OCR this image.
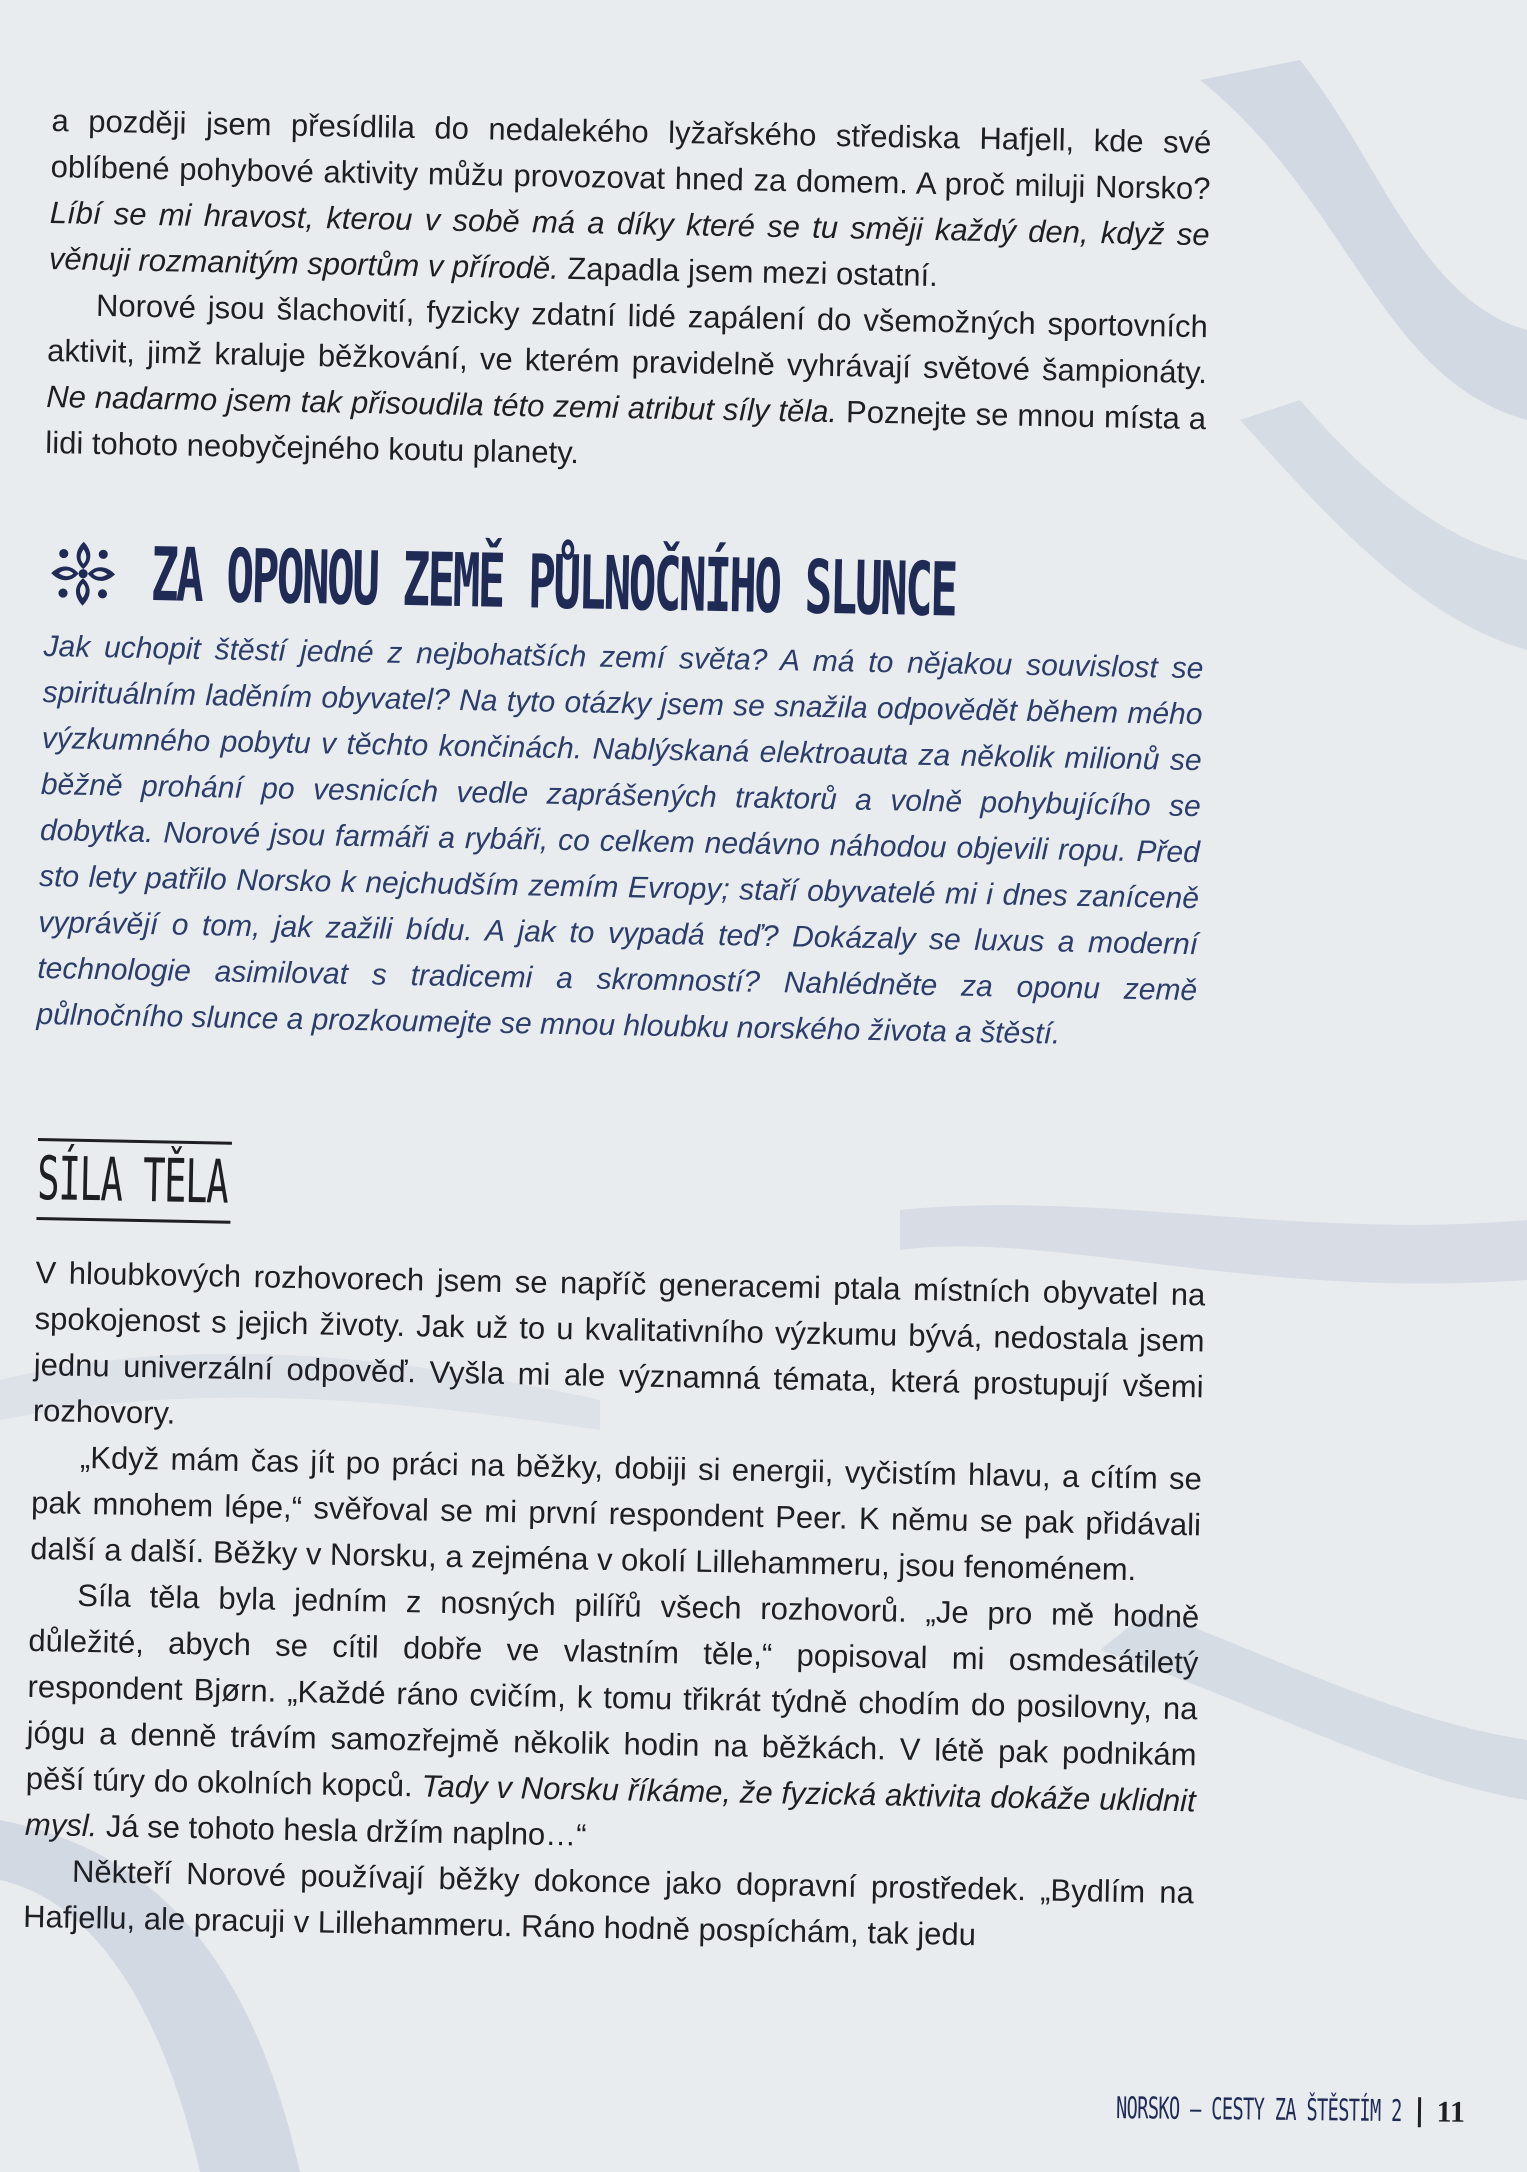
a později jsem přesídlila do nedalekého lyžařského střediska Hafjell, kde své oblíbené pohybové aktivity můžu provozovat hned za domem. A proč miluji Norsko? Líbí se mi hravost, kterou v sobě má a díky které se tu směji každý den, když se věnuji rozmanitým sportům v přírodě. Zapadla jsem mezi ostatní.

Norové jsou šlachovití, fyzicky zdatní lidé zapálení do všemožných sportovních aktivit, jimž kraluje běžkování, ve kterém pravidelně vyhrávají světové šampionáty. Ne nadarmo jsem tak přisoudila této zemi atribut síly těla. Poznejte se mnou místa a lidi tohoto neobyčejného koutu planety.

ZA OPONOU ZEMĚ PŮLNOČNÍHO SLUNCE

Jak uchopit štěstí jedné z nejbohatších zemí světa? A má to nějakou souvislost se spirituálním laděním obyvatel? Na tyto otázky jsem se snažila odpovědět během mého výzkumného pobytu v těchto končinách. Nablýskaná elektroauta za několik milionů se běžně prohání po vesnicích vedle zaprášených traktorů a volně pohybujícího se dobytka. Norové jsou farmáři a rybáři, co celkem nedávno náhodou objevili ropu. Před sto lety patřilo Norsko k nejchudším zemím Evropy; staří obyvatelé mi i dnes zaníceně vyprávějí o tom, jak zažili bídu. A jak to vypadá teď? Dokázaly se luxus a moderní technologie asimilovat s tradicemi a skromností? Nahlédněte za oponu země půlnočního slunce a prozkoumejte se mnou hloubku norského života a štěstí.

SÍLA TĚLA

V hloubkových rozhovorech jsem se napříč generacemi ptala místních obyvatel na spokojenost s jejich životy. Jak už to u kvalitativního výzkumu bývá, nedostala jsem jednu univerzální odpověď. Vyšla mi ale významná témata, která prostupují všemi rozhovory.

„Když mám čas jít po práci na běžky, dobiji si energii, vyčistím hlavu, a cítím se pak mnohem lépe,“ svěřoval se mi první respondent Peer. K němu se pak přidávali další a další. Běžky v Norsku, a zejména v okolí Lillehammeru, jsou fenoménem.

Síla těla byla jedním z nosných pilířů všech rozhovorů. „Je pro mě hodně důležité, abych se cítil dobře ve vlastním těle,“ popisoval mi osmdesátiletý respondent Bjørn. „Každé ráno cvičím, k tomu třikrát týdně chodím do posilovny, na jógu a denně trávím samozřejmě několik hodin na běžkách. V létě pak podnikám pěší túry do okolních kopců. Tady v Norsku říkáme, že fyzická aktivita dokáže uklidnit mysl. Já se tohoto hesla držím naplno…“

Někteří Norové používají běžky dokonce jako dopravní prostředek. „Bydlím na Hafjellu, ale pracuji v Lillehammeru. Ráno hodně pospíchám, tak jedu

NORSKO – CESTY ZA ŠTĚSTÍM 2 11
